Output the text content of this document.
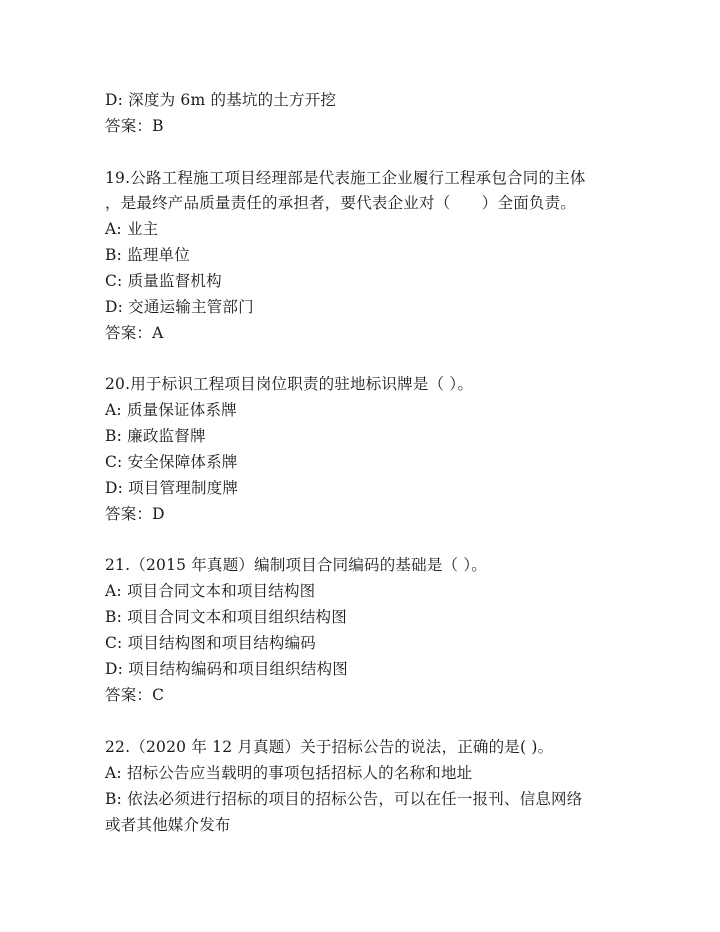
D: 深度为 6m 的基坑的土方开挖
答案：B
19.公路工程施工项目经理部是代表施工企业履行工程承包合同的主体
，是最终产品质量责任的承担者，要代表企业对（　　）全面负责。
A: 业主
B: 监理单位
C: 质量监督机构
D: 交通运输主管部门
答案：A
20.用于标识工程项目岗位职责的驻地标识牌是（ ）。
A: 质量保证体系牌
B: 廉政监督牌
C: 安全保障体系牌
D: 项目管理制度牌
答案：D
21.（2015 年真题）编制项目合同编码的基础是（ ）。
A: 项目合同文本和项目结构图
B: 项目合同文本和项目组织结构图
C: 项目结构图和项目结构编码
D: 项目结构编码和项目组织结构图
答案：C
22.（2020 年 12 月真题）关于招标公告的说法，正确的是( )。
A: 招标公告应当载明的事项包括招标人的名称和地址
B: 依法必须进行招标的项目的招标公告，可以在任一报刊、信息网络
或者其他媒介发布
